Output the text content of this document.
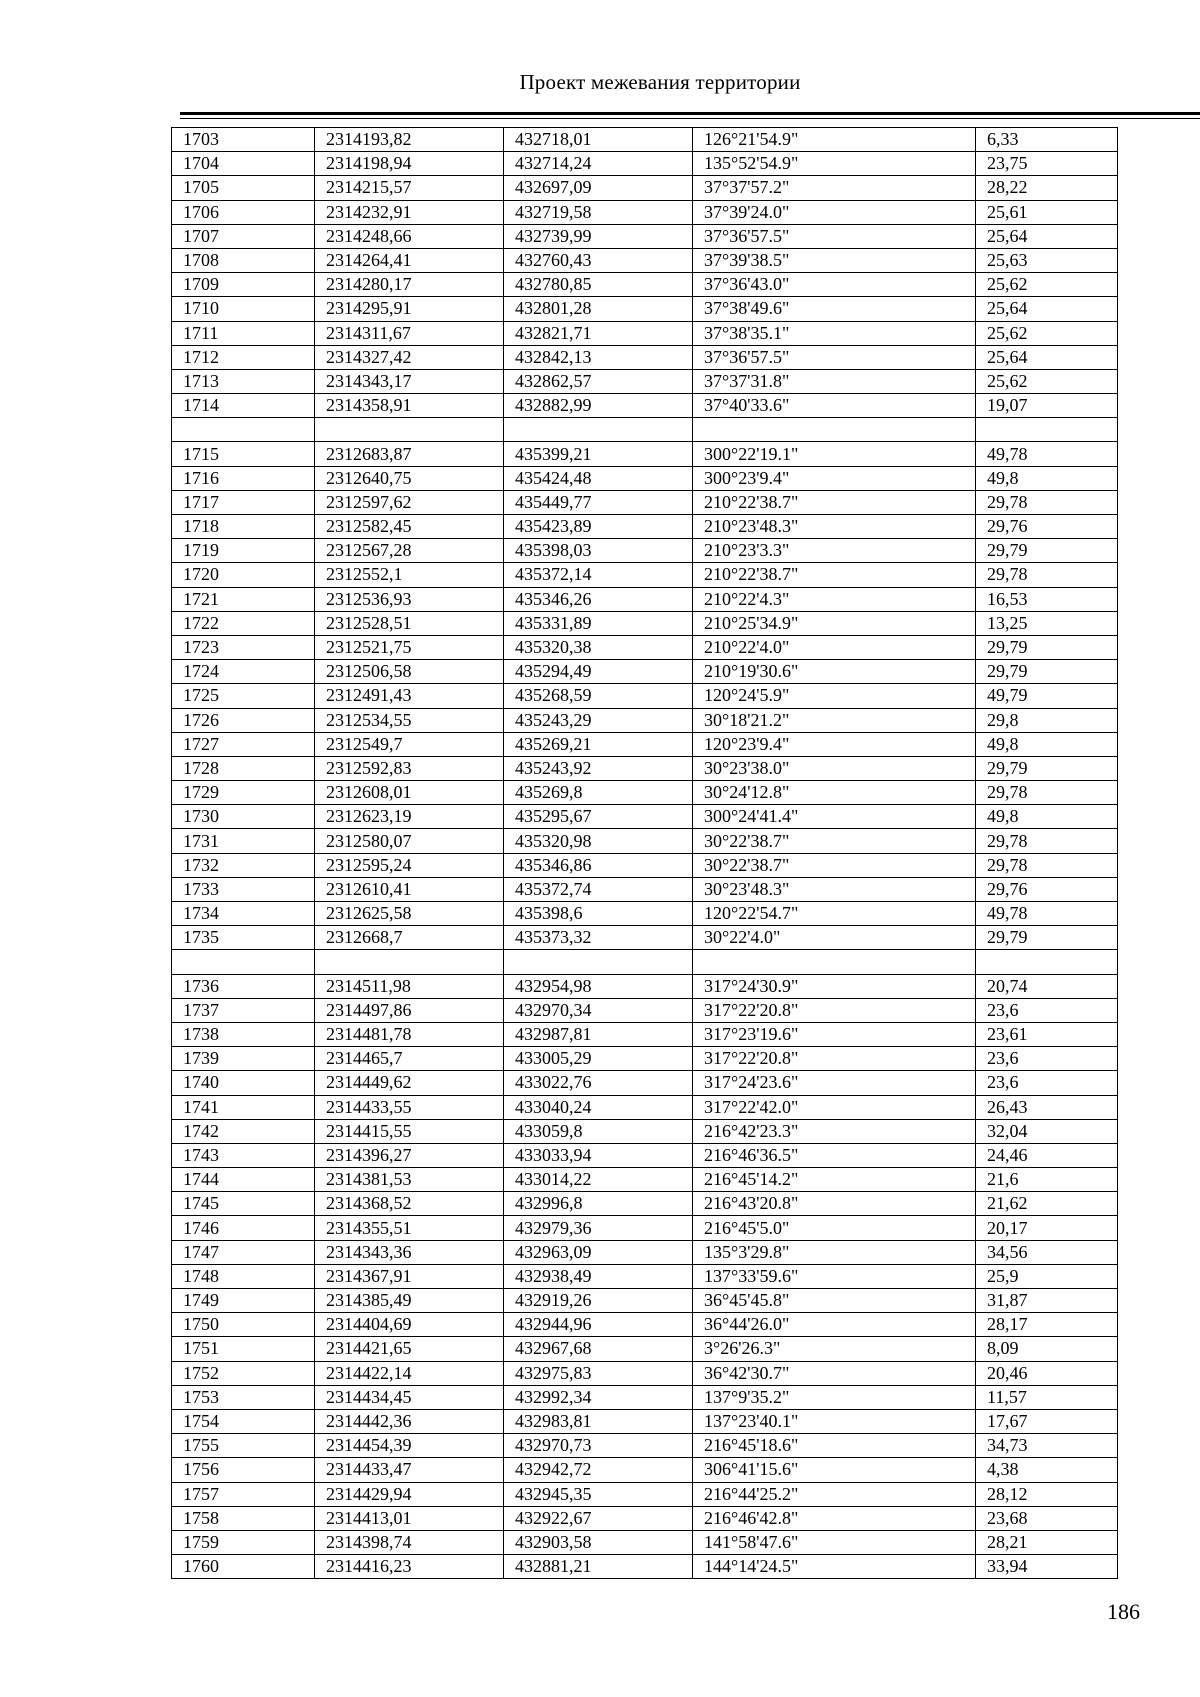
Проект межевания территории
1703	2314193,82	432718,01	126°21'54.9"	6,33
1704	2314198,94	432714,24	135°52'54.9"	23,75
1705	2314215,57	432697,09	37°37'57.2"	28,22
1706	2314232,91	432719,58	37°39'24.0"	25,61
1707	2314248,66	432739,99	37°36'57.5"	25,64
1708	2314264,41	432760,43	37°39'38.5"	25,63
1709	2314280,17	432780,85	37°36'43.0"	25,62
1710	2314295,91	432801,28	37°38'49.6"	25,64
1711	2314311,67	432821,71	37°38'35.1"	25,62
1712	2314327,42	432842,13	37°36'57.5"	25,64
1713	2314343,17	432862,57	37°37'31.8"	25,62
1714	2314358,91	432882,99	37°40'33.6"	19,07

1715	2312683,87	435399,21	300°22'19.1"	49,78
1716	2312640,75	435424,48	300°23'9.4"	49,8
1717	2312597,62	435449,77	210°22'38.7"	29,78
1718	2312582,45	435423,89	210°23'48.3"	29,76
1719	2312567,28	435398,03	210°23'3.3"	29,79
1720	2312552,1	435372,14	210°22'38.7"	29,78
1721	2312536,93	435346,26	210°22'4.3"	16,53
1722	2312528,51	435331,89	210°25'34.9"	13,25
1723	2312521,75	435320,38	210°22'4.0"	29,79
1724	2312506,58	435294,49	210°19'30.6"	29,79
1725	2312491,43	435268,59	120°24'5.9"	49,79
1726	2312534,55	435243,29	30°18'21.2"	29,8
1727	2312549,7	435269,21	120°23'9.4"	49,8
1728	2312592,83	435243,92	30°23'38.0"	29,79
1729	2312608,01	435269,8	30°24'12.8"	29,78
1730	2312623,19	435295,67	300°24'41.4"	49,8
1731	2312580,07	435320,98	30°22'38.7"	29,78
1732	2312595,24	435346,86	30°22'38.7"	29,78
1733	2312610,41	435372,74	30°23'48.3"	29,76
1734	2312625,58	435398,6	120°22'54.7"	49,78
1735	2312668,7	435373,32	30°22'4.0"	29,79

1736	2314511,98	432954,98	317°24'30.9"	20,74
1737	2314497,86	432970,34	317°22'20.8"	23,6
1738	2314481,78	432987,81	317°23'19.6"	23,61
1739	2314465,7	433005,29	317°22'20.8"	23,6
1740	2314449,62	433022,76	317°24'23.6"	23,6
1741	2314433,55	433040,24	317°22'42.0"	26,43
1742	2314415,55	433059,8	216°42'23.3"	32,04
1743	2314396,27	433033,94	216°46'36.5"	24,46
1744	2314381,53	433014,22	216°45'14.2"	21,6
1745	2314368,52	432996,8	216°43'20.8"	21,62
1746	2314355,51	432979,36	216°45'5.0"	20,17
1747	2314343,36	432963,09	135°3'29.8"	34,56
1748	2314367,91	432938,49	137°33'59.6"	25,9
1749	2314385,49	432919,26	36°45'45.8"	31,87
1750	2314404,69	432944,96	36°44'26.0"	28,17
1751	2314421,65	432967,68	3°26'26.3"	8,09
1752	2314422,14	432975,83	36°42'30.7"	20,46
1753	2314434,45	432992,34	137°9'35.2"	11,57
1754	2314442,36	432983,81	137°23'40.1"	17,67
1755	2314454,39	432970,73	216°45'18.6"	34,73
1756	2314433,47	432942,72	306°41'15.6"	4,38
1757	2314429,94	432945,35	216°44'25.2"	28,12
1758	2314413,01	432922,67	216°46'42.8"	23,68
1759	2314398,74	432903,58	141°58'47.6"	28,21
1760	2314416,23	432881,21	144°14'24.5"	33,94
186
